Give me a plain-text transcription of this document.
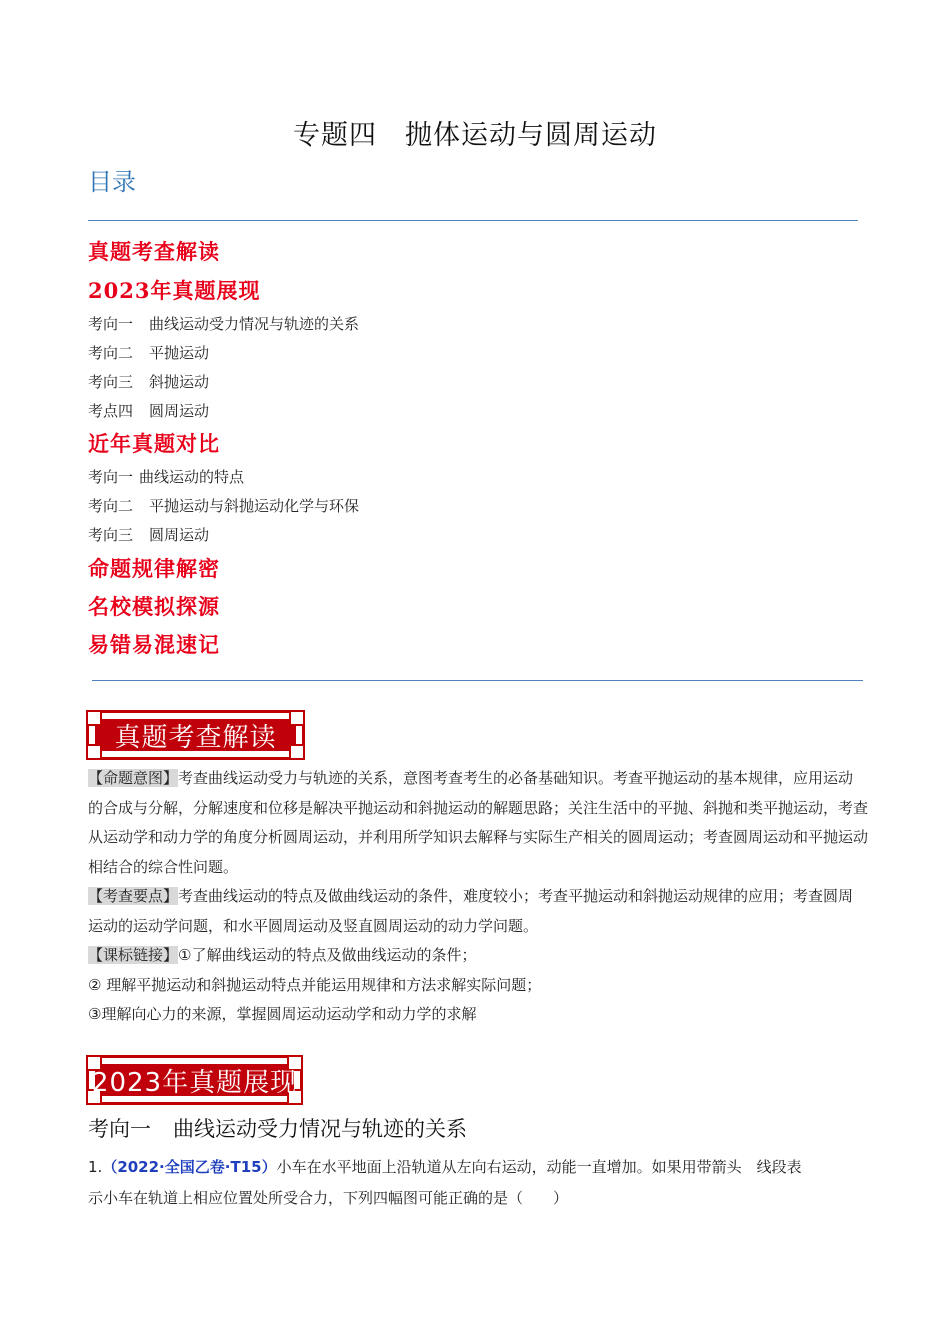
专题四　抛体运动与圆周运动
目录
真题考查解读
2023年真题展现
考向一 曲线运动受力情况与轨迹的关系
考向二 平抛运动
考向三 斜抛运动
考点四 圆周运动
近年真题对比
考向一 曲线运动的特点
考向二 平抛运动与斜抛运动化学与环保
考向三 圆周运动
命题规律解密
名校模拟探源
易错易混速记
真题考查解读

【命题意图】考查曲线运动受力与轨迹的关系，意图考查考生的必备基础知识。考查平抛运动的基本规律，应用运动的合成与分解，分解速度和位移是解决平抛运动和斜抛运动的解题思路；关注生活中的平抛、斜抛和类平抛运动，考查从运动学和动力学的角度分析圆周运动，并利用所学知识去解释与实际生产相关的圆周运动；考查圆周运动和平抛运动相结合的综合性问题。

【考查要点】考查曲线运动的特点及做曲线运动的条件，难度较小；考查平抛运动和斜抛运动规律的应用；考查圆周运动的运动学问题，和水平圆周运动及竖直圆周运动的动力学问题。

【课标链接】①了解曲线运动的特点及做曲线运动的条件；

② 理解平抛运动和斜抛运动特点并能运用规律和方法求解实际问题；

③理解向心力的来源，掌握圆周运动运动学和动力学的求解

2023年真题展现
考向一 曲线运动受力情况与轨迹的关系

1.（2022·全国乙卷·T15）小车在水平地面上沿轨道从左向右运动，动能一直增加。如果用带箭头　线段表

示小车在轨道上相应位置处所受合力，下列四幅图可能正确的是（　　）
